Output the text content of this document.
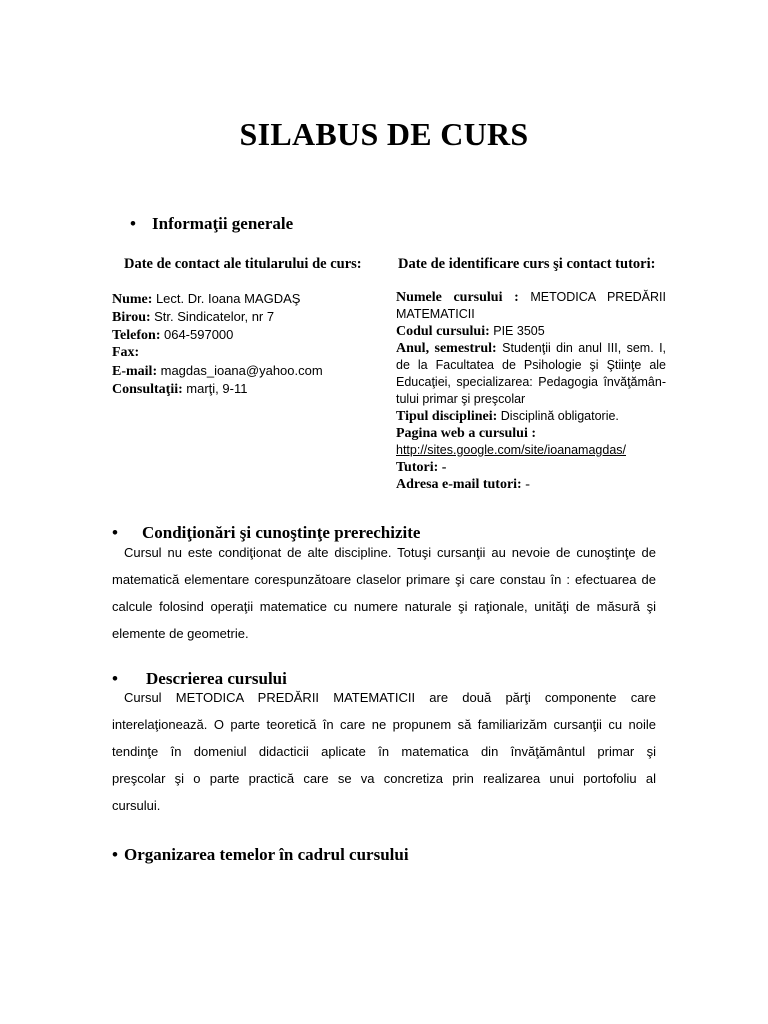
SILABUS DE CURS
• Informaţii generale
Date de contact ale titularului de curs:	Date de identificare curs şi contact tutori:
Nume: Lect. Dr. Ioana MAGDAŞ
Birou: Str. Sindicatelor, nr 7
Telefon: 064-597000
Fax:
E-mail: magdas_ioana@yahoo.com
Consultaţii: marţi, 9-11
Numele cursului : METODICA PREDĂRII
MATEMATICII
Codul cursului: PIE 3505
Anul, semestrul: Studenţii din anul III, sem. I,
de la Facultatea de Psihologie şi Ştiinţe ale
Educaţiei, specializarea: Pedagogia învăţămân-
tului primar şi preşcolar
Tipul disciplinei: Disciplină obligatorie.
Pagina web a cursului :
http://sites.google.com/site/ioanamagdas/
Tutori: -
Adresa e-mail tutori: -
• Condiţionări şi cunoştinţe prerechizite
Cursul nu este condiţionat de alte discipline. Totuşi cursanţii au nevoie de cunoştinţe de
matematică elementare corespunzătoare claselor primare şi care constau în : efectuarea de
calcule folosind operaţii matematice cu numere naturale şi raţionale, unităţi de măsură şi
elemente de geometrie.
• Descrierea cursului
Cursul METODICA PREDĂRII MATEMATICII are două părţi componente care
interelaţionează. O parte teoretică în care ne propunem să familiarizăm cursanţii cu noile
tendinţe în domeniul didacticii aplicate în matematica din învăţământul primar şi
preşcolar şi o parte practică care se va concretiza prin realizarea unui portofoliu al
cursului.
• Organizarea temelor în cadrul cursului
